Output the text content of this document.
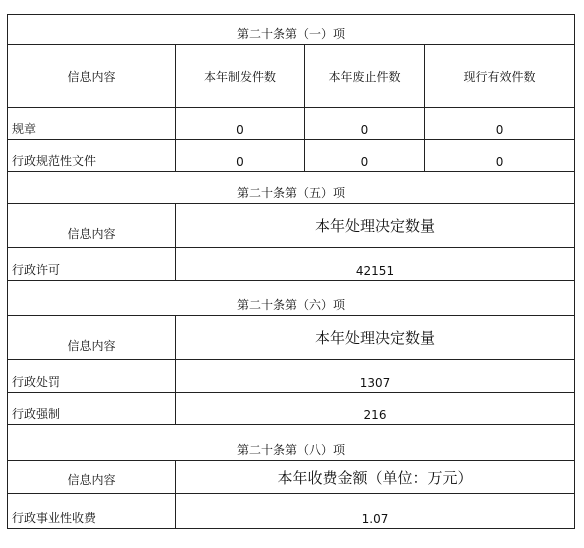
第二十条第（一）项			
信息内容	本年制发件数	本年废止件数	现行有效件数
规章	0	0	0
行政规范性文件	0	0	0
第二十条第（五）项			
信息内容	本年处理决定数量		
行政许可	42151		
第二十条第（六）项			
信息内容	本年处理决定数量		
行政处罚	1307		
行政强制	216		
第二十条第（八）项			
信息内容	本年收费金额（单位：万元）		
行政事业性收费	1.07		
